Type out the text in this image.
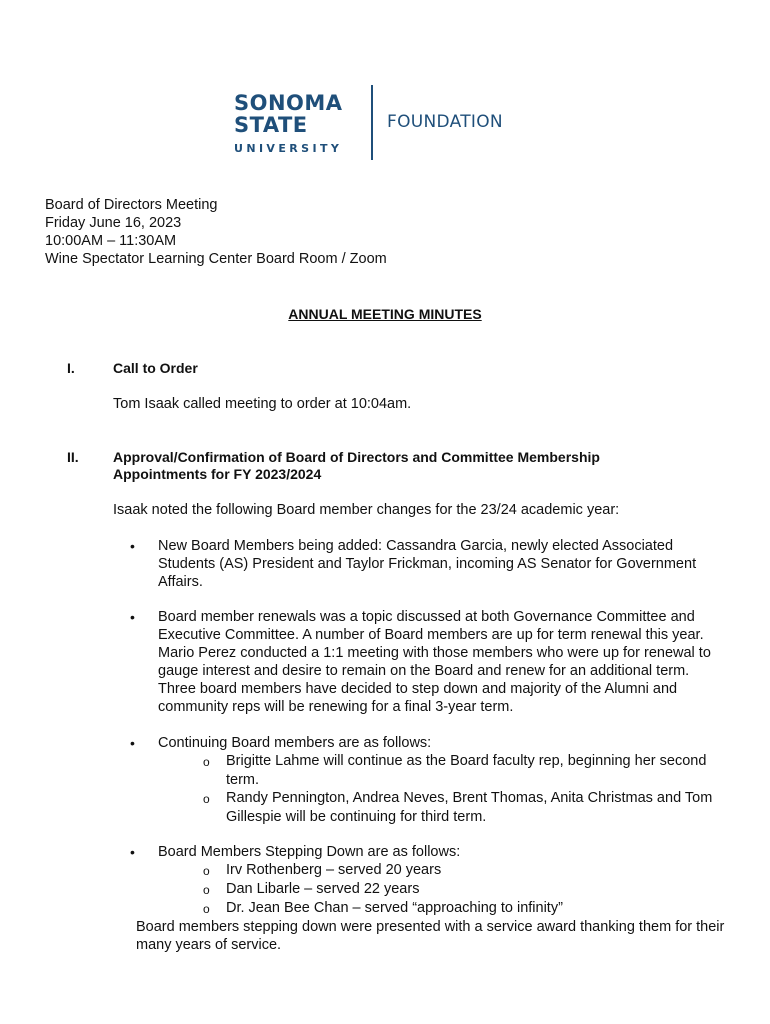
SONOMA
STATE
UNIVERSITY
FOUNDATION
Board of Directors Meeting
Friday June 16, 2023
10:00AM – 11:30AM
Wine Spectator Learning Center Board Room / Zoom
ANNUAL MEETING MINUTES
I.	Call to Order
Tom Isaak called meeting to order at 10:04am.
II. Approval/Confirmation of Board of Directors and Committee Membership
Appointments for FY 2023/2024
Isaak noted the following Board member changes for the 23/24 academic year:
• New Board Members being added: Cassandra Garcia, newly elected Associated Students (AS) President and Taylor Frickman, incoming AS Senator for Government Affairs.
• Board member renewals was a topic discussed at both Governance Committee and Executive Committee. A number of Board members are up for term renewal this year. Mario Perez conducted a 1:1 meeting with those members who were up for renewal to gauge interest and desire to remain on the Board and renew for an additional term. Three board members have decided to step down and majority of the Alumni and community reps will be renewing for a final 3-year term.
• Continuing Board members are as follows:
o Brigitte Lahme will continue as the Board faculty rep, beginning her second term.
o Randy Pennington, Andrea Neves, Brent Thomas, Anita Christmas and Tom Gillespie will be continuing for third term.
• Board Members Stepping Down are as follows:
o Irv Rothenberg – served 20 years
o Dan Libarle – served 22 years
o Dr. Jean Bee Chan – served “approaching to infinity”
Board members stepping down were presented with a service award thanking them for their many years of service.
